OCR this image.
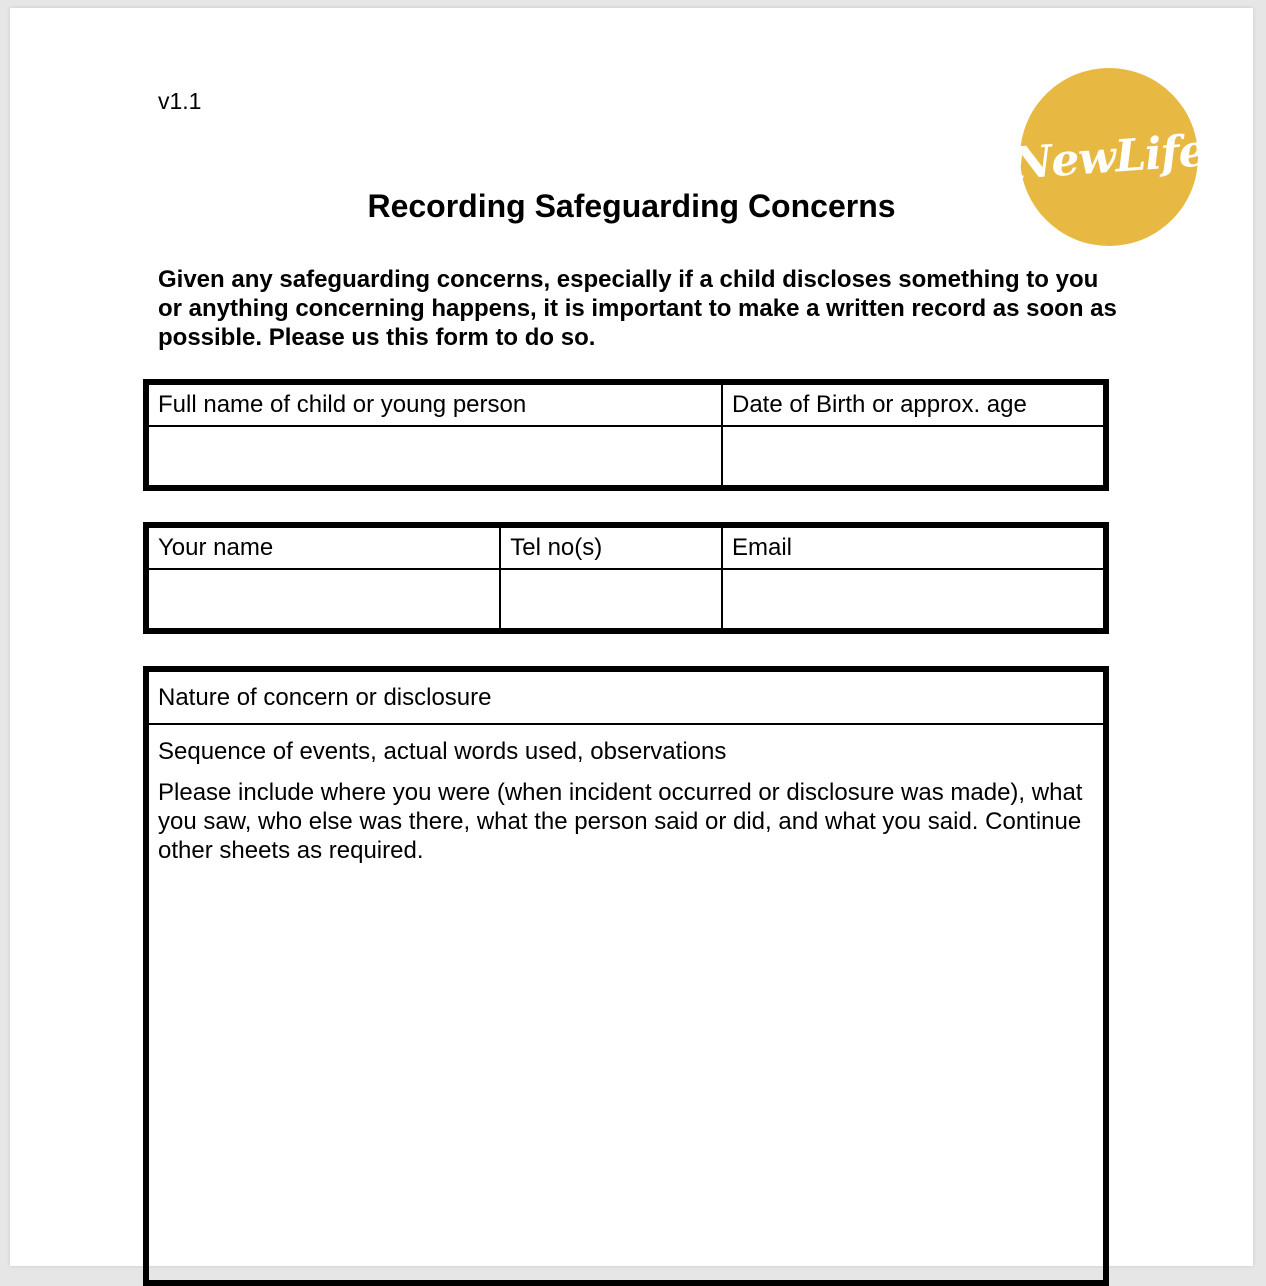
v1.1
NewLife
Recording Safeguarding Concerns
Given any safeguarding concerns, especially if a child discloses something to you or anything concerning happens, it is important to make a written record as soon as possible. Please us this form to do so.
Full name of child or young person	Date of Birth or approx. age

Your name	Tel no(s)	Email

Nature of concern or disclosure

Sequence of events, actual words used, observations
Please include where you were (when incident occurred or disclosure was made), what you saw, who else was there, what the person said or did, and what you said. Continue other sheets as required.
